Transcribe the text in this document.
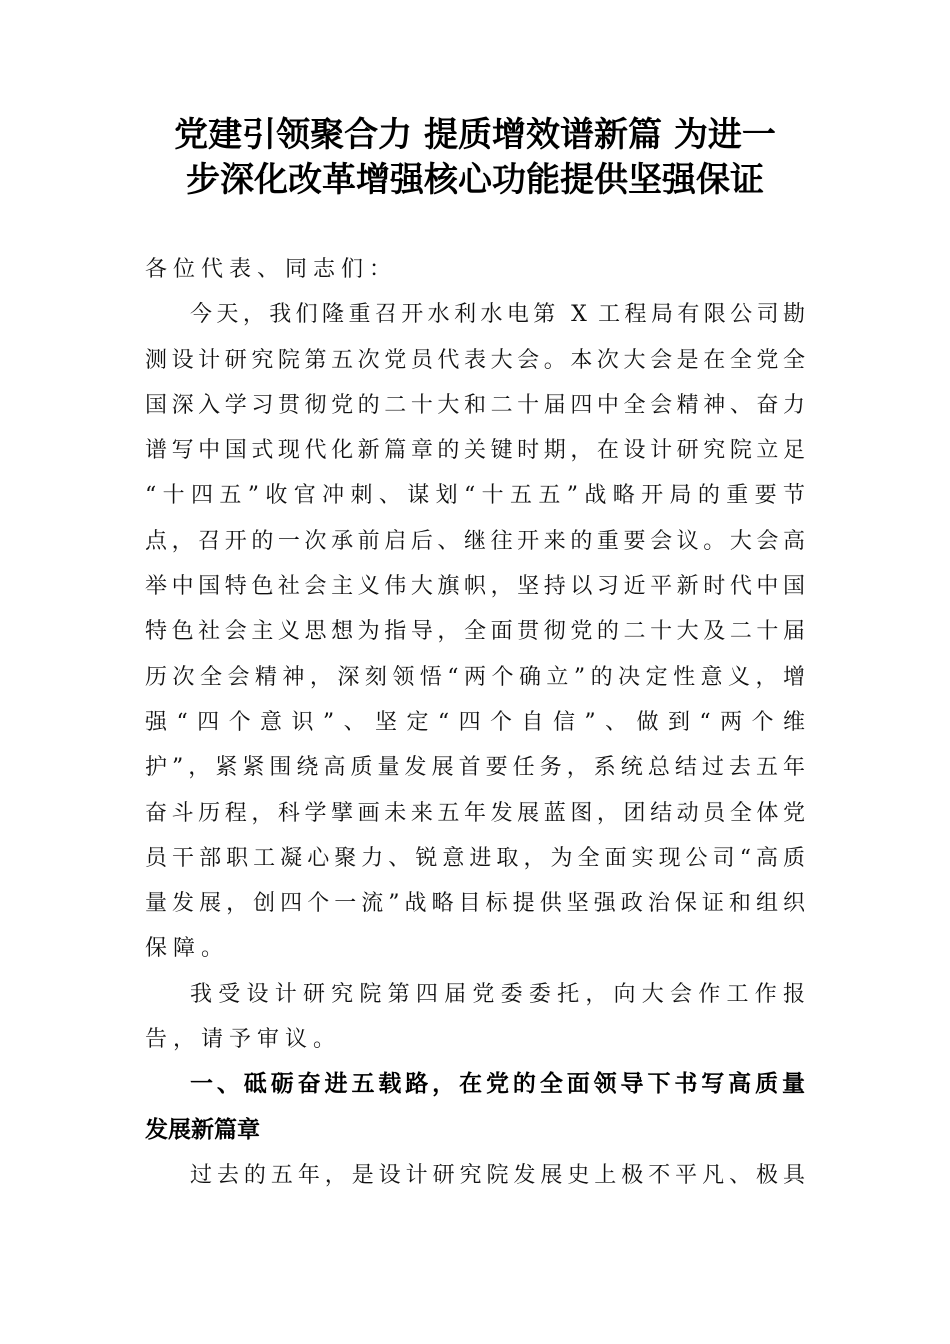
党建引领聚合力 提质增效谱新篇 为进一
步深化改革增强核心功能提供坚强保证
各位代表、同志们：
今天，我们隆重召开水利水电第 X 工程局有限公司勘
测设计研究院第五次党员代表大会。本次大会是在全党全
国深入学习贯彻党的二十大和二十届四中全会精神、奋力
谱写中国式现代化新篇章的关键时期，在设计研究院立足
“十四五”收官冲刺、谋划“十五五”战略开局的重要节
点，召开的一次承前启后、继往开来的重要会议。大会高
举中国特色社会主义伟大旗帜，坚持以习近平新时代中国
特色社会主义思想为指导，全面贯彻党的二十大及二十届
历次全会精神，深刻领悟“两个确立”的决定性意义，增
强“四个意识”、坚定“四个自信”、做到“两个维
护”，紧紧围绕高质量发展首要任务，系统总结过去五年
奋斗历程，科学擘画未来五年发展蓝图，团结动员全体党
员干部职工凝心聚力、锐意进取，为全面实现公司“高质
量发展，创四个一流”战略目标提供坚强政治保证和组织
保障。
我受设计研究院第四届党委委托，向大会作工作报
告，请予审议。
一、砥砺奋进五载路，在党的全面领导下书写高质量
发展新篇章
过去的五年，是设计研究院发展史上极不平凡、极具
